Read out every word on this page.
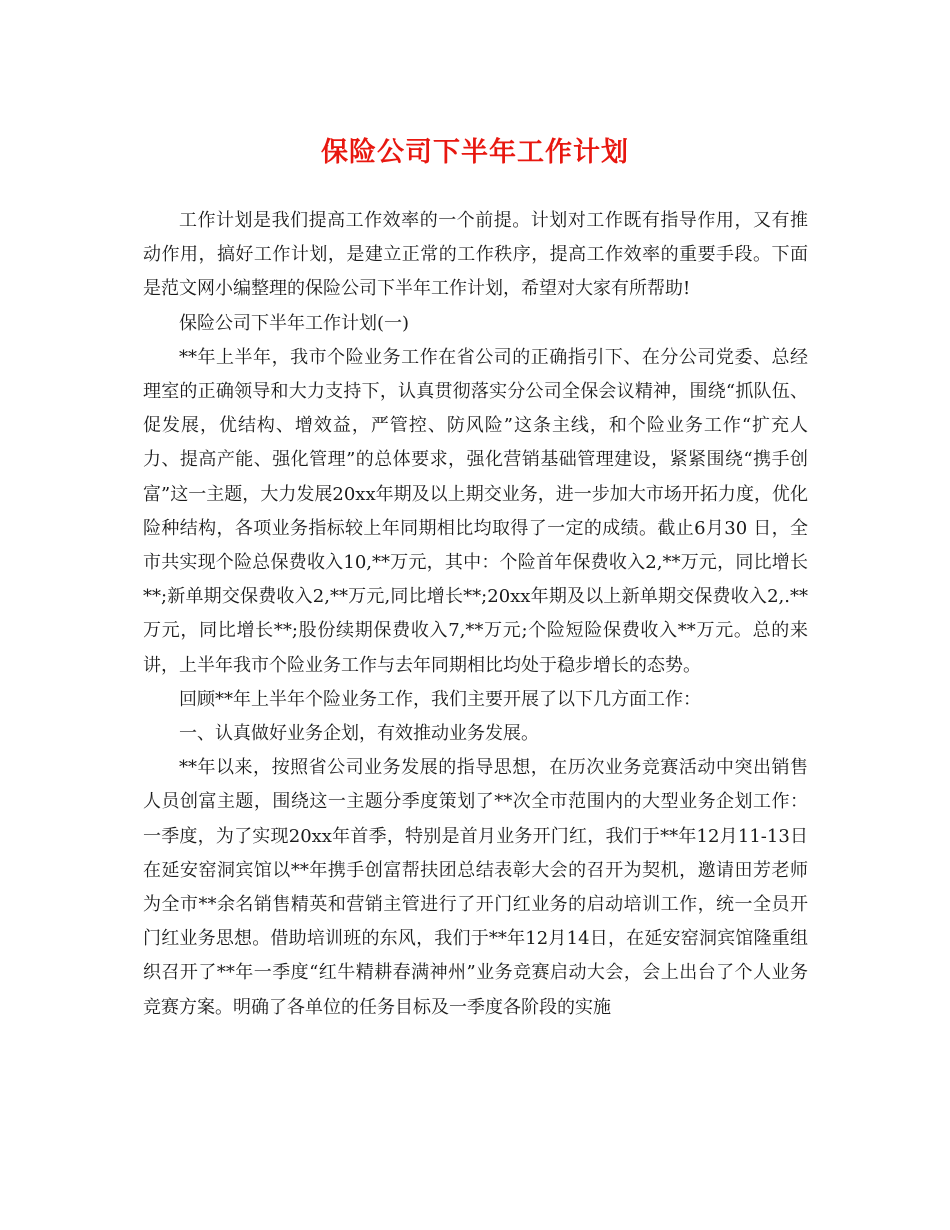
保险公司下半年工作计划

工作计划是我们提高工作效率的一个前提。计划对工作既有指导作用，又有推动作用，搞好工作计划，是建立正常的工作秩序，提高工作效率的重要手段。下面是范文网小编整理的保险公司下半年工作计划，希望对大家有所帮助!

保险公司下半年工作计划(一)

**年上半年，我市个险业务工作在省公司的正确指引下、在分公司党委、总经理室的正确领导和大力支持下，认真贯彻落实分公司全保会议精神，围绕“抓队伍、促发展，优结构、增效益，严管控、防风险”这条主线，和个险业务工作“扩充人力、提高产能、强化管理”的总体要求，强化营销基础管理建设，紧紧围绕“携手创富”这一主题，大力发展20xx年期及以上期交业务，进一步加大市场开拓力度，优化险种结构，各项业务指标较上年同期相比均取得了一定的成绩。截止6月30 日，全市共实现个险总保费收入10,**万元，其中：个险首年保费收入2,**万元，同比增长**;新单期交保费收入2,**万元,同比增长**;20xx年期及以上新单期交保费收入2,.**万元，同比增长**;股份续期保费收入7,**万元;个险短险保费收入**万元。总的来讲，上半年我市个险业务工作与去年同期相比均处于稳步增长的态势。

回顾**年上半年个险业务工作，我们主要开展了以下几方面工作：

一、认真做好业务企划，有效推动业务发展。

**年以来，按照省公司业务发展的指导思想，在历次业务竞赛活动中突出销售人员创富主题，围绕这一主题分季度策划了**次全市范围内的大型业务企划工作：一季度，为了实现20xx年首季，特别是首月业务开门红，我们于**年12月11-13日在延安窑洞宾馆以**年携手创富帮扶团总结表彰大会的召开为契机，邀请田芳老师为全市**余名销售精英和营销主管进行了开门红业务的启动培训工作，统一全员开门红业务思想。借助培训班的东风，我们于**年12月14日，在延安窑洞宾馆隆重组织召开了**年一季度“红牛精耕春满神州”业务竞赛启动大会，会上出台了个人业务竞赛方案。明确了各单位的任务目标及一季度各阶段的实施
